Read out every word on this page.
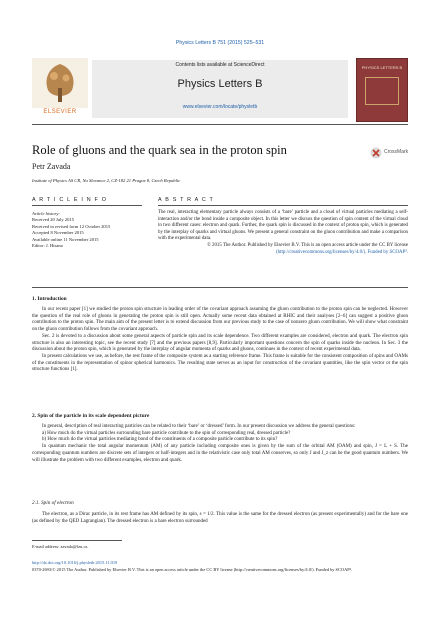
Physics Letters B 751 (2015) 525–531
ELSEVIER
Contents lists available at ScienceDirect
Physics Letters B
www.elsevier.com/locate/physletb
PHYSICS LETTERS B
Role of gluons and the quark sea in the proton spin	CrossMark
Petr Zavada
Institute of Physics AS CR, Na Slovance 2, CZ-182 21 Prague 8, Czech Republic
A R T I C L E I N F O	A B S T R A C T
Article history:
Received 20 July 2015
Received in revised form 12 October 2015
Accepted 8 November 2015
Available online 11 November 2015
Editor: J. Hisano
The real, interacting elementary particle always consists of a ‘bare’ particle and a cloud of virtual particles mediating a self-interaction and/or the bond inside a composite object. In this letter we discuss the question of spin content of the virtual cloud in two different cases: electron and quark. Further, the quark spin is discussed in the context of proton spin, which is generated by the interplay of quarks and virtual gluons. We present a general constraint on the gluon contribution and make a comparison with the experimental data.
© 2015 The Author. Published by Elsevier B.V. This is an open access article under the CC BY license
(http://creativecommons.org/licenses/by/4.0/). Funded by SCOAP³.
1. Introduction

In our recent paper [1] we studied the proton spin structure in leading order of the covariant approach assuming the gluon contribution to the proton spin can be neglected. However the question of the real role of gluons in generating the proton spin is still open. Actually some recent data obtained at RHIC and their analyses [2–6] can suggest a positive gluon contribution to the proton spin. The main aim of the present letter is to extend discussion from our previous study to the case of nonzero gluon contribution. We will show what constraint on the gluon contribution follows from the covariant approach.

Sec. 2 is devoted to a discussion about some general aspects of particle spin and its scale dependence. Two different examples are considered, electron and quark. The electron spin structure is also an interesting topic, see the recent study [7] and the previous papers [8,9]. Particularly important questions concern the spin of quarks inside the nucleon. In Sec. 3 the discussion about the proton spin, which is generated by the interplay of angular momenta of quarks and gluons, continues in the context of recent experimental data.

In present calculations we use, as before, the rest frame of the composite system as a starting reference frame. This frame is suitable for the consistent composition of spins and OAMs of the constituents in the representation of spinor spherical harmonics. The resulting state serves as an input for construction of the covariant quantities, like the spin vector or the spin structure functions [1].

2. Spin of the particle in its scale dependent picture

In general, description of real interacting particles can be related to their ‘bare’ or ‘dressed’ form. In our present discussion we address the general questions:

a) How much do the virtual particles surrounding bare particle contribute to the spin of corresponding real, dressed particle?

b) How much do the virtual particles mediating bond of the constituents of a composite particle contribute to its spin?

In quantum mechanic the total angular momentum (AM) of any particle including composite ones is given by the sum of the orbital AM (OAM) and spin, J = L + S. The corresponding quantum numbers are discrete sets of integers or half-integers and in the relativistic case only total AM conserves, so only J and J_z can be the good quantum numbers. We will illustrate the problem with two different examples, electron and quark.

2.1. Spin of electron

The electron, as a Dirac particle, in its rest frame has AM defined by its spin, s = 1/2. This value is the same for the dressed electron (as present experimentally) and for the bare one (as defined by the QED Lagrangian). The dressed electron is a bare electron surrounded

E-mail address: zavada@fzu.cz.
http://dx.doi.org/10.1016/j.physletb.2015.11.019
0370-2693/© 2015 The Author. Published by Elsevier B.V. This is an open access article under the CC BY license (http://creativecommons.org/licenses/by/4.0/). Funded by SCOAP³.
